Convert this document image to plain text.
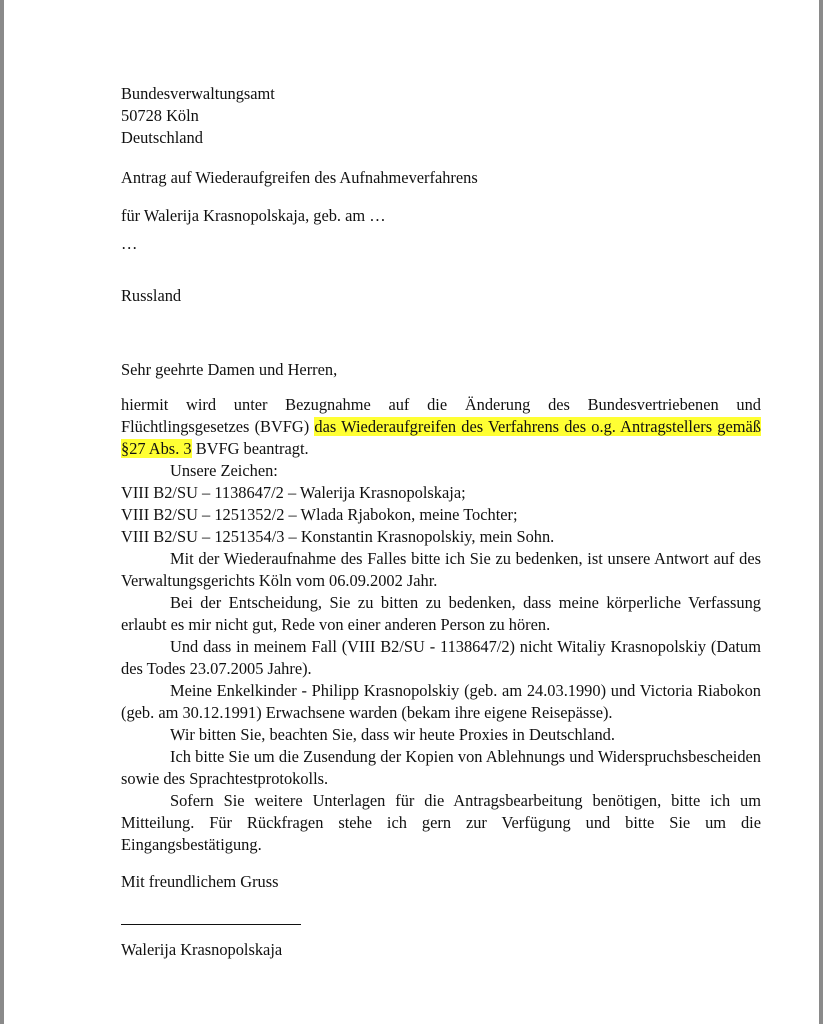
Bundesverwaltungsamt
50728 Köln
Deutschland
Antrag auf Wiederaufgreifen des Aufnahmeverfahrens
für Walerija Krasnopolskaja, geb. am …
…
Russland
Sehr geehrte Damen und Herren,
hiermit wird unter Bezugnahme auf die Änderung des Bundesvertriebenen und Flüchtlingsgesetzes (BVFG) das Wiederaufgreifen des Verfahrens des o.g. Antragstellers gemäß §27 Abs. 3 BVFG beantragt.
Unsere Zeichen:
VIII B2/SU – 1138647/2 – Walerija Krasnopolskaja;
VIII B2/SU – 1251352/2 – Wlada Rjabokon, meine Tochter;
VIII B2/SU – 1251354/3 – Konstantin Krasnopolskiy, mein Sohn.
Mit der Wiederaufnahme des Falles bitte ich Sie zu bedenken, ist unsere Antwort auf des Verwaltungsgerichts Köln vom 06.09.2002 Jahr.
Bei der Entscheidung, Sie zu bitten zu bedenken, dass meine körperliche Verfassung erlaubt es mir nicht gut, Rede von einer anderen Person zu hören.
Und dass in meinem Fall (VIII B2/SU - 1138647/2) nicht Witaliy Krasnopolskiy (Datum des Todes 23.07.2005 Jahre).
Meine Enkelkinder - Philipp Krasnopolskiy (geb. am 24.03.1990) und Victoria Riabokon (geb. am 30.12.1991) Erwachsene warden (bekam ihre eigene Reisepässe).
Wir bitten Sie, beachten Sie, dass wir heute Proxies in Deutschland.
Ich bitte Sie um die Zusendung der Kopien von Ablehnungs und Widerspruchsbescheiden sowie des Sprachtestprotokolls.
Sofern Sie weitere Unterlagen für die Antragsbearbeitung benötigen, bitte ich um Mitteilung. Für Rückfragen stehe ich gern zur Verfügung und bitte Sie um die Eingangsbestätigung.
Mit freundlichem Gruss
Walerija Krasnopolskaja
